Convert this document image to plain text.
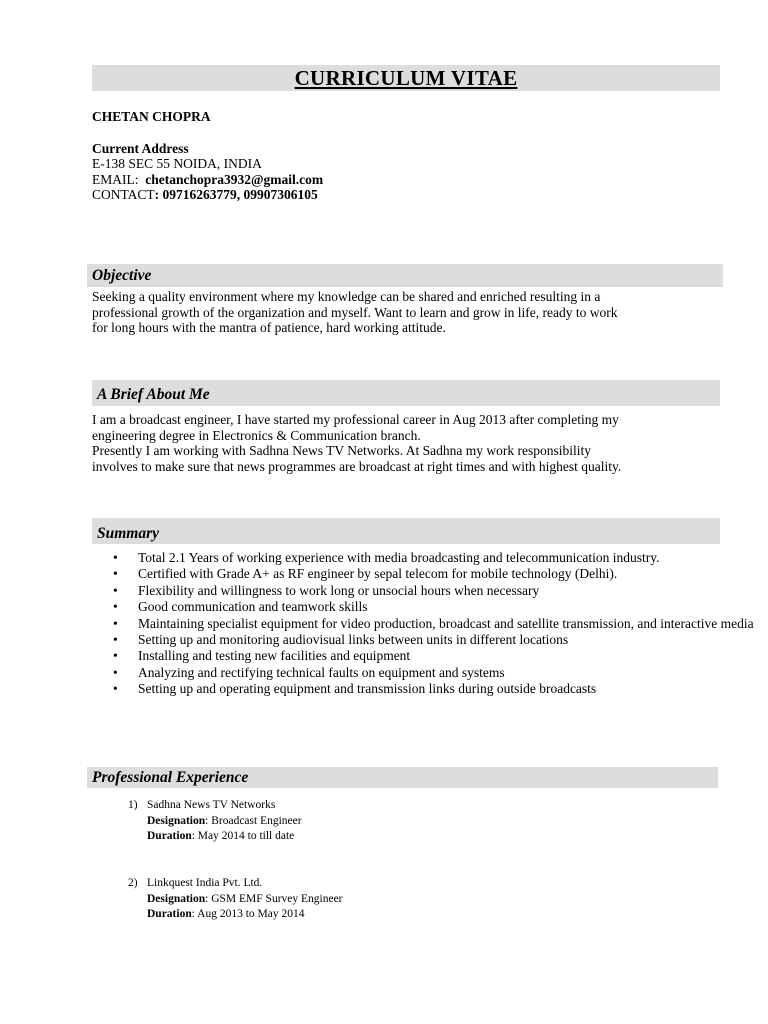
CURRICULUM VITAE
CHETAN CHOPRA
Current Address
E-138 SEC 55 NOIDA, INDIA
EMAIL: chetanchopra3932@gmail.com
CONTACT: 09716263779, 09907306105
Objective
Seeking a quality environment where my knowledge can be shared and enriched resulting in a
professional growth of the organization and myself. Want to learn and grow in life, ready to work
for long hours with the mantra of patience, hard working attitude.
A Brief About Me
I am a broadcast engineer, I have started my professional career in Aug 2013 after completing my
engineering degree in Electronics & Communication branch.
Presently I am working with Sadhna News TV Networks. At Sadhna my work responsibility
involves to make sure that news programmes are broadcast at right times and with highest quality.
Summary
• Total 2.1 Years of working experience with media broadcasting and telecommunication industry.
• Certified with Grade A+ as RF engineer by sepal telecom for mobile technology (Delhi).
• Flexibility and willingness to work long or unsocial hours when necessary
• Good communication and teamwork skills
• Maintaining specialist equipment for video production, broadcast and satellite transmission, and interactive media
• Setting up and monitoring audiovisual links between units in different locations
• Installing and testing new facilities and equipment
• Analyzing and rectifying technical faults on equipment and systems
• Setting up and operating equipment and transmission links during outside broadcasts
Professional Experience
1) Sadhna News TV Networks
Designation: Broadcast Engineer
Duration: May 2014 to till date
2) Linkquest India Pvt. Ltd.
Designation: GSM EMF Survey Engineer
Duration: Aug 2013 to May 2014
